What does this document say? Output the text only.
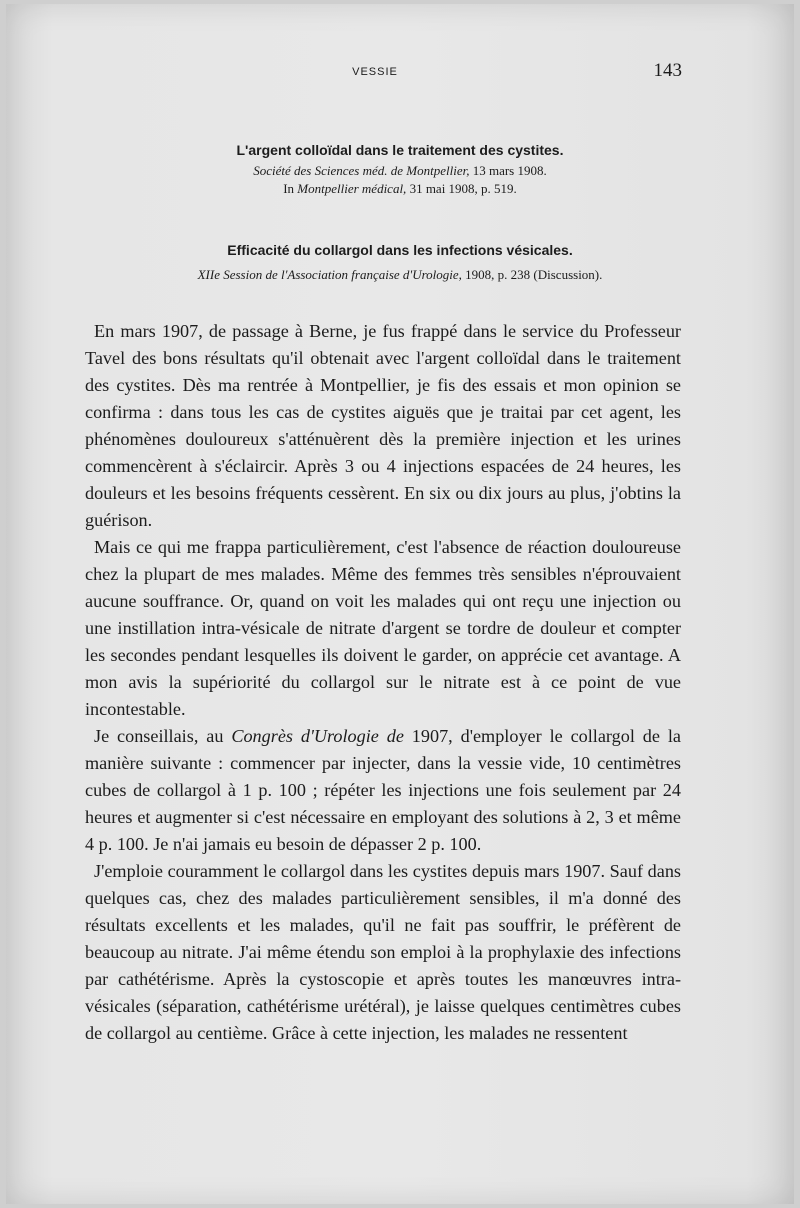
VESSIE	143
L'argent colloïdal dans le traitement des cystites.
Société des Sciences méd. de Montpellier, 13 mars 1908.
In Montpellier médical, 31 mai 1908, p. 519.
Efficacité du collargol dans les infections vésicales.
XIIe Session de l'Association française d'Urologie, 1908, p. 238 (Discussion).

En mars 1907, de passage à Berne, je fus frappé dans le service du Professeur Tavel des bons résultats qu'il obtenait avec l'argent colloïdal dans le traitement des cystites. Dès ma rentrée à Montpellier, je fis des essais et mon opinion se confirma : dans tous les cas de cystites aiguës que je traitai par cet agent, les phénomènes douloureux s'atténuèrent dès la première injection et les urines commencèrent à s'éclaircir. Après 3 ou 4 injections espacées de 24 heures, les douleurs et les besoins fréquents cessèrent. En six ou dix jours au plus, j'obtins la guérison.

Mais ce qui me frappa particulièrement, c'est l'absence de réaction douloureuse chez la plupart de mes malades. Même des femmes très sensibles n'éprouvaient aucune souffrance. Or, quand on voit les malades qui ont reçu une injection ou une instillation intra-vésicale de nitrate d'argent se tordre de douleur et compter les secondes pendant lesquelles ils doivent le garder, on apprécie cet avantage. A mon avis la supériorité du collargol sur le nitrate est à ce point de vue incontestable.

Je conseillais, au Congrès d'Urologie de 1907, d'employer le collargol de la manière suivante : commencer par injecter, dans la vessie vide, 10 centimètres cubes de collargol à 1 p. 100 ; répéter les injections une fois seulement par 24 heures et augmenter si c'est nécessaire en employant des solutions à 2, 3 et même 4 p. 100. Je n'ai jamais eu besoin de dépasser 2 p. 100.

J'emploie couramment le collargol dans les cystites depuis mars 1907. Sauf dans quelques cas, chez des malades particulièrement sensibles, il m'a donné des résultats excellents et les malades, qu'il ne fait pas souffrir, le préfèrent de beaucoup au nitrate. J'ai même étendu son emploi à la prophylaxie des infections par cathétérisme. Après la cystoscopie et après toutes les manœuvres intra-vésicales (séparation, cathétérisme urétéral), je laisse quelques centimètres cubes de collargol au centième. Grâce à cette injection, les malades ne ressentent
